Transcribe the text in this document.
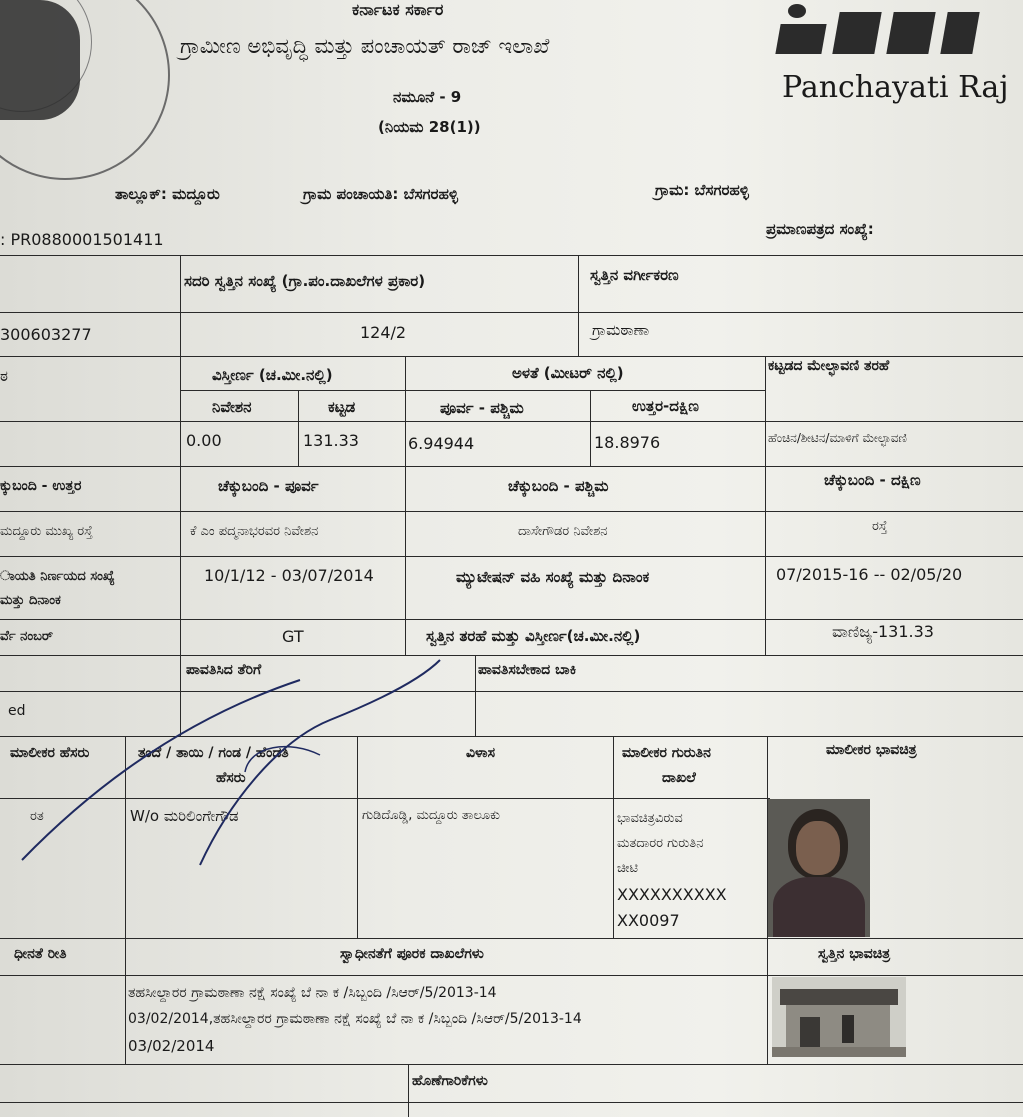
Panchayati Raj
ಕರ್ನಾಟಕ ಸರ್ಕಾರ
ಗ್ರಾಮೀಣ ಅಭಿವೃದ್ಧಿ ಮತ್ತು ಪಂಚಾಯತ್ ರಾಜ್ ಇಲಾಖೆ
ನಮೂನೆ - 9
(ನಿಯಮ 28(1))
ತಾಲ್ಲೂಕ್: ಮದ್ದೂರು	ಗ್ರಾಮ ಪಂಚಾಯತಿ: ಬೆಸಗರಹಳ್ಳಿ	ಗ್ರಾಮ: ಬೆಸಗರಹಳ್ಳಿ
: PR0880001501411
ಪ್ರಮಾಣಪತ್ರದ ಸಂಖ್ಯೆ:
ಸದರಿ ಸ್ವತ್ತಿನ ಸಂಖ್ಯೆ (ಗ್ರಾ.ಪಂ.ದಾಖಲೆಗಳ ಪ್ರಕಾರ)	ಸ್ವತ್ತಿನ ವರ್ಗೀಕರಣ
300603277	124/2	ಗ್ರಾಮಠಾಣಾ
ಠ	ವಿಸ್ತೀರ್ಣ (ಚ.ಮೀ.ನಲ್ಲಿ)	ಅಳತೆ (ಮೀಟರ್ ನಲ್ಲಿ)	ಕಟ್ಟಡದ ಮೇಲ್ಛಾವಣಿ ತರಹೆ
ನಿವೇಶನ	ಕಟ್ಟಡ	ಪೂರ್ವ - ಪಶ್ಚಿಮ	ಉತ್ತರ-ದಕ್ಷಿಣ
0.00	131.33	6.94944	18.8976	ಹೆಂಚಿನ/ಶೀಟಿನ/ಮಾಳಿಗೆ ಮೇಲ್ಛಾವಣಿ
ಕ್ಕುಬಂದಿ - ಉತ್ತರ	ಚೆಕ್ಕುಬಂದಿ - ಪೂರ್ವ	ಚೆಕ್ಕುಬಂದಿ - ಪಶ್ಚಿಮ	ಚೆಕ್ಕುಬಂದಿ - ದಕ್ಷಿಣ
ಮದ್ದೂರು ಮುಖ್ಯ ರಸ್ತೆ	ಕೆ ಎಂ ಪದ್ಮನಾಭರವರ ನಿವೇಶನ	ದಾಸೇಗೌಡರ ನಿವೇಶನ	ರಸ್ತೆ
ಾಯತಿ ನಿರ್ಣಯದ ಸಂಖ್ಯೆ
ಮತ್ತು ದಿನಾಂಕ
10/1/12 - 03/07/2014	ಮ್ಯುಟೇಷನ್ ವಹಿ ಸಂಖ್ಯೆ ಮತ್ತು ದಿನಾಂಕ	07/2015-16 -- 02/05/20
ರ್ವೆ ನಂಬರ್	GT	ಸ್ವತ್ತಿನ ತರಹೆ ಮತ್ತು ವಿಸ್ತೀರ್ಣ(ಚ.ಮೀ.ನಲ್ಲಿ)	ವಾಣಿಜ್ಯ-131.33
ಪಾವತಿಸಿದ ತೆರಿಗೆ	ಪಾವತಿಸಬೇಕಾದ ಬಾಕಿ
ed
ಮಾಲೀಕರ ಹೆಸರು	ತಂದೆ / ತಾಯಿ / ಗಂಡ / ಹೆಂಡತಿ
ಹೆಸರು
ವಿಳಾಸ	ಮಾಲೀಕರ ಗುರುತಿನ
ದಾಖಲೆ
ಮಾಲೀಕರ ಭಾವಚಿತ್ರ
ರತ	W/o ಮರಿಲಿಂಗೇಗೌಡ	ಗುಡಿದೊಡ್ಡಿ, ಮದ್ದೂರು ತಾಲೂಕು	ಭಾವಚಿತ್ರವಿರುವ
ಮತದಾರರ ಗುರುತಿನ
ಚೀಟಿ
XXXXXXXXXX
XX0097
ಧೀನತೆ ರೀತಿ	ಸ್ವಾಧೀನತೆಗೆ ಪೂರಕ ದಾಖಲೆಗಳು	ಸ್ವತ್ತಿನ ಭಾವಚಿತ್ರ
ತಹಸೀಲ್ದಾರರ ಗ್ರಾಮಠಾಣಾ ನಕ್ಷೆ ಸಂಖ್ಯೆ ಬೆ ನಾ ಕ /ಸಿಬ್ಬಂದಿ /ಸಿಆರ್/5/2013-14
03/02/2014,ತಹಸೀಲ್ದಾರರ ಗ್ರಾಮಠಾಣಾ ನಕ್ಷೆ ಸಂಖ್ಯೆ ಬೆ ನಾ ಕ /ಸಿಬ್ಬಂದಿ /ಸಿಆರ್/5/2013-14
03/02/2014
ಹೊಣೆಗಾರಿಕೆಗಳು
